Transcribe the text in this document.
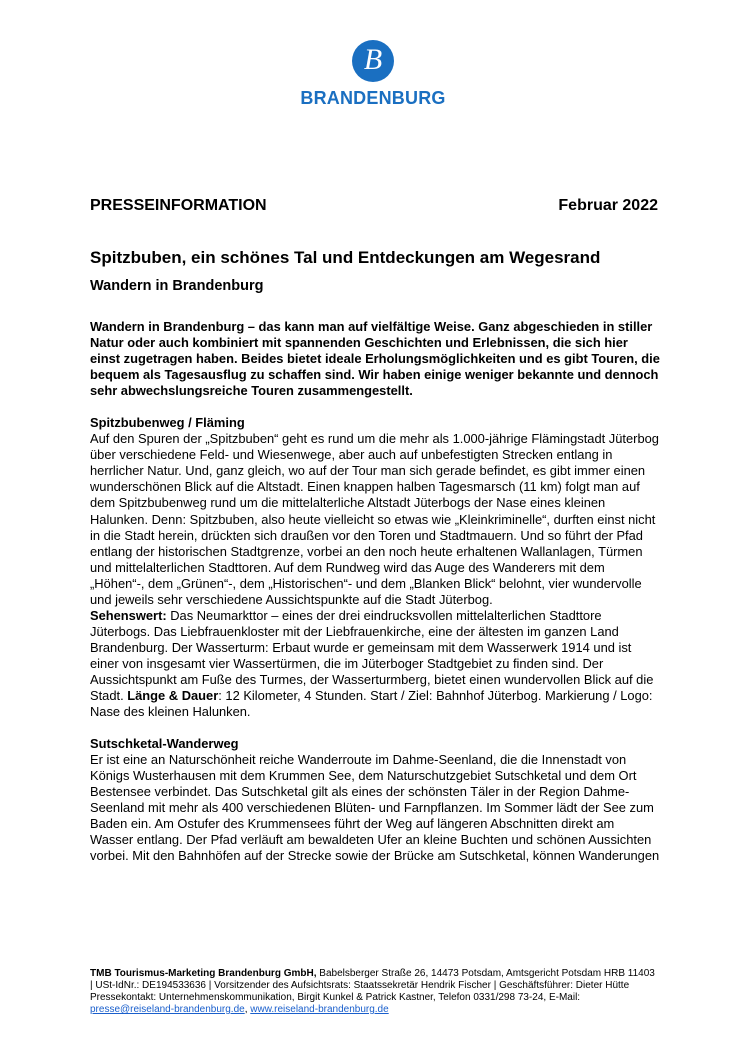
B
BRANDENBURG
PRESSEINFORMATION	Februar 2022
Spitzbuben, ein schönes Tal und Entdeckungen am Wegesrand
Wandern in Brandenburg

Wandern in Brandenburg – das kann man auf vielfältige Weise. Ganz abgeschieden in stiller Natur oder auch kombiniert mit spannenden Geschichten und Erlebnissen, die sich hier einst zugetragen haben. Beides bietet ideale Erholungsmöglichkeiten und es gibt Touren, die bequem als Tagesausflug zu schaffen sind. Wir haben einige weniger bekannte und dennoch sehr abwechslungsreiche Touren zusammengestellt.

Spitzbubenweg / Fläming

Auf den Spuren der „Spitzbuben“ geht es rund um die mehr als 1.000-jährige Flämingstadt Jüterbog über verschiedene Feld- und Wiesenwege, aber auch auf unbefestigten Strecken entlang in herrlicher Natur. Und, ganz gleich, wo auf der Tour man sich gerade befindet, es gibt immer einen wunderschönen Blick auf die Altstadt. Einen knappen halben Tagesmarsch (11 km) folgt man auf dem Spitzbubenweg rund um die mittelalterliche Altstadt Jüterbogs der Nase eines kleinen Halunken. Denn: Spitzbuben, also heute vielleicht so etwas wie „Kleinkriminelle“, durften einst nicht in die Stadt herein, drückten sich draußen vor den Toren und Stadtmauern. Und so führt der Pfad entlang der historischen Stadtgrenze, vorbei an den noch heute erhaltenen Wallanlagen, Türmen und mittelalterlichen Stadttoren. Auf dem Rundweg wird das Auge des Wanderers mit dem „Höhen“-, dem „Grünen“-, dem „Historischen“- und dem „Blanken Blick“ belohnt, vier wundervolle und jeweils sehr verschiedene Aussichtspunkte auf die Stadt Jüterbog.

Sehenswert: Das Neumarkttor – eines der drei eindrucksvollen mittelalterlichen Stadttore Jüterbogs. Das Liebfrauenkloster mit der Liebfrauenkirche, eine der ältesten im ganzen Land Brandenburg. Der Wasserturm: Erbaut wurde er gemeinsam mit dem Wasserwerk 1914 und ist einer von insgesamt vier Wassertürmen, die im Jüterboger Stadtgebiet zu finden sind. Der Aussichtspunkt am Fuße des Turmes, der Wasserturmberg, bietet einen wundervollen Blick auf die Stadt. Länge & Dauer: 12 Kilometer, 4 Stunden. Start / Ziel: Bahnhof Jüterbog. Markierung / Logo: Nase des kleinen Halunken.

Sutschketal-Wanderweg

Er ist eine an Naturschönheit reiche Wanderroute im Dahme-Seenland, die die Innenstadt von Königs Wusterhausen mit dem Krummen See, dem Naturschutzgebiet Sutschketal und dem Ort Bestensee verbindet. Das Sutschketal gilt als eines der schönsten Täler in der Region Dahme-Seenland mit mehr als 400 verschiedenen Blüten- und Farnpflanzen. Im Sommer lädt der See zum Baden ein. Am Ostufer des Krummensees führt der Weg auf längeren Abschnitten direkt am Wasser entlang. Der Pfad verläuft am bewaldeten Ufer an kleine Buchten und schönen Aussichten vorbei. Mit den Bahnhöfen auf der Strecke sowie der Brücke am Sutschketal, können Wanderungen

TMB Tourismus-Marketing Brandenburg GmbH, Babelsberger Straße 26, 14473 Potsdam, Amtsgericht Potsdam HRB 11403 | USt-IdNr.: DE194533636 | Vorsitzender des Aufsichtsrats: Staatssekretär Hendrik Fischer | Geschäftsführer: Dieter Hütte Pressekontakt: Unternehmenskommunikation, Birgit Kunkel & Patrick Kastner, Telefon 0331/298 73-24, E-Mail: presse@reiseland-brandenburg.de, www.reiseland-brandenburg.de
